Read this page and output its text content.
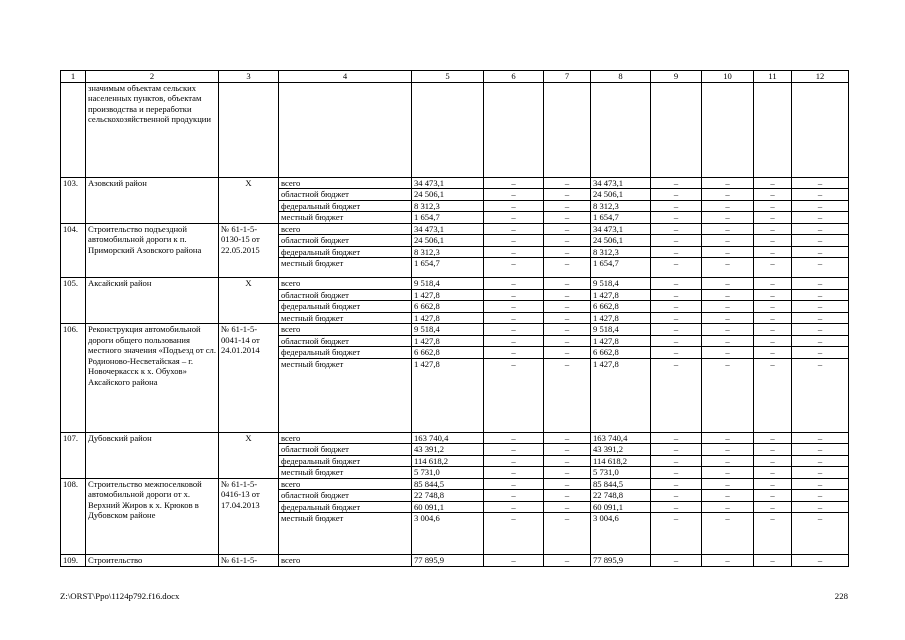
1	2	3	4	5	6	7	8	9	10	11	12
	значимым объектам сельских населенных пунктов, объектам производства и переработки сельскохозяйственной продукции										
103.	Азовский район	X	всего	34 473,1	–	–	34 473,1	–	–	–	–
			областной бюджет	24 506,1	–	–	24 506,1	–	–	–	–
			федеральный бюджет	8 312,3	–	–	8 312,3	–	–	–	–
			местный бюджет	1 654,7	–	–	1 654,7	–	–	–	–
104.	Строительство подъездной автомобильной дороги к п. Приморский Азовского района	№ 61-1-5-0130-15 от 22.05.2015	всего	34 473,1	–	–	34 473,1	–	–	–	–
			областной бюджет	24 506,1	–	–	24 506,1	–	–	–	–
			федеральный бюджет	8 312,3	–	–	8 312,3	–	–	–	–
			местный бюджет	1 654,7	–	–	1 654,7	–	–	–	–
105.	Аксайский район	X	всего	9 518,4	–	–	9 518,4	–	–	–	–
			областной бюджет	1 427,8	–	–	1 427,8	–	–	–	–
			федеральный бюджет	6 662,8	–	–	6 662,8	–	–	–	–
			местный бюджет	1 427,8	–	–	1 427,8	–	–	–	–
106.	Реконструкция автомобильной дороги общего пользования местного значения «Подъезд от сл. Родионово-Несветайская – г. Новочеркасск к х. Обухов» Аксайского района	№ 61-1-5-0041-14 от 24.01.2014	всего	9 518,4	–	–	9 518,4	–	–	–	–
			областной бюджет	1 427,8	–	–	1 427,8	–	–	–	–
			федеральный бюджет	6 662,8	–	–	6 662,8	–	–	–	–
			местный бюджет	1 427,8	–	–	1 427,8	–	–	–	–
107.	Дубовский район	X	всего	163 740,4	–	–	163 740,4	–	–	–	–
			областной бюджет	43 391,2	–	–	43 391,2	–	–	–	–
			федеральный бюджет	114 618,2	–	–	114 618,2	–	–	–	–
			местный бюджет	5 731,0	–	–	5 731,0	–	–	–	–
108.	Строительство межпоселковой автомобильной дороги от х. Верхний Жиров к х. Крюков в Дубовском районе	№ 61-1-5-0416-13 от 17.04.2013	всего	85 844,5	–	–	85 844,5	–	–	–	–
			областной бюджет	22 748,8	–	–	22 748,8	–	–	–	–
			федеральный бюджет	60 091,1	–	–	60 091,1	–	–	–	–
			местный бюджет	3 004,6	–	–	3 004,6	–	–	–	–
109.	Строительство	№ 61-1-5-	всего	77 895,9	–	–	77 895,9	–	–	–	–
Z:\ORST\Ppo\1124p792.f16.docx	228
